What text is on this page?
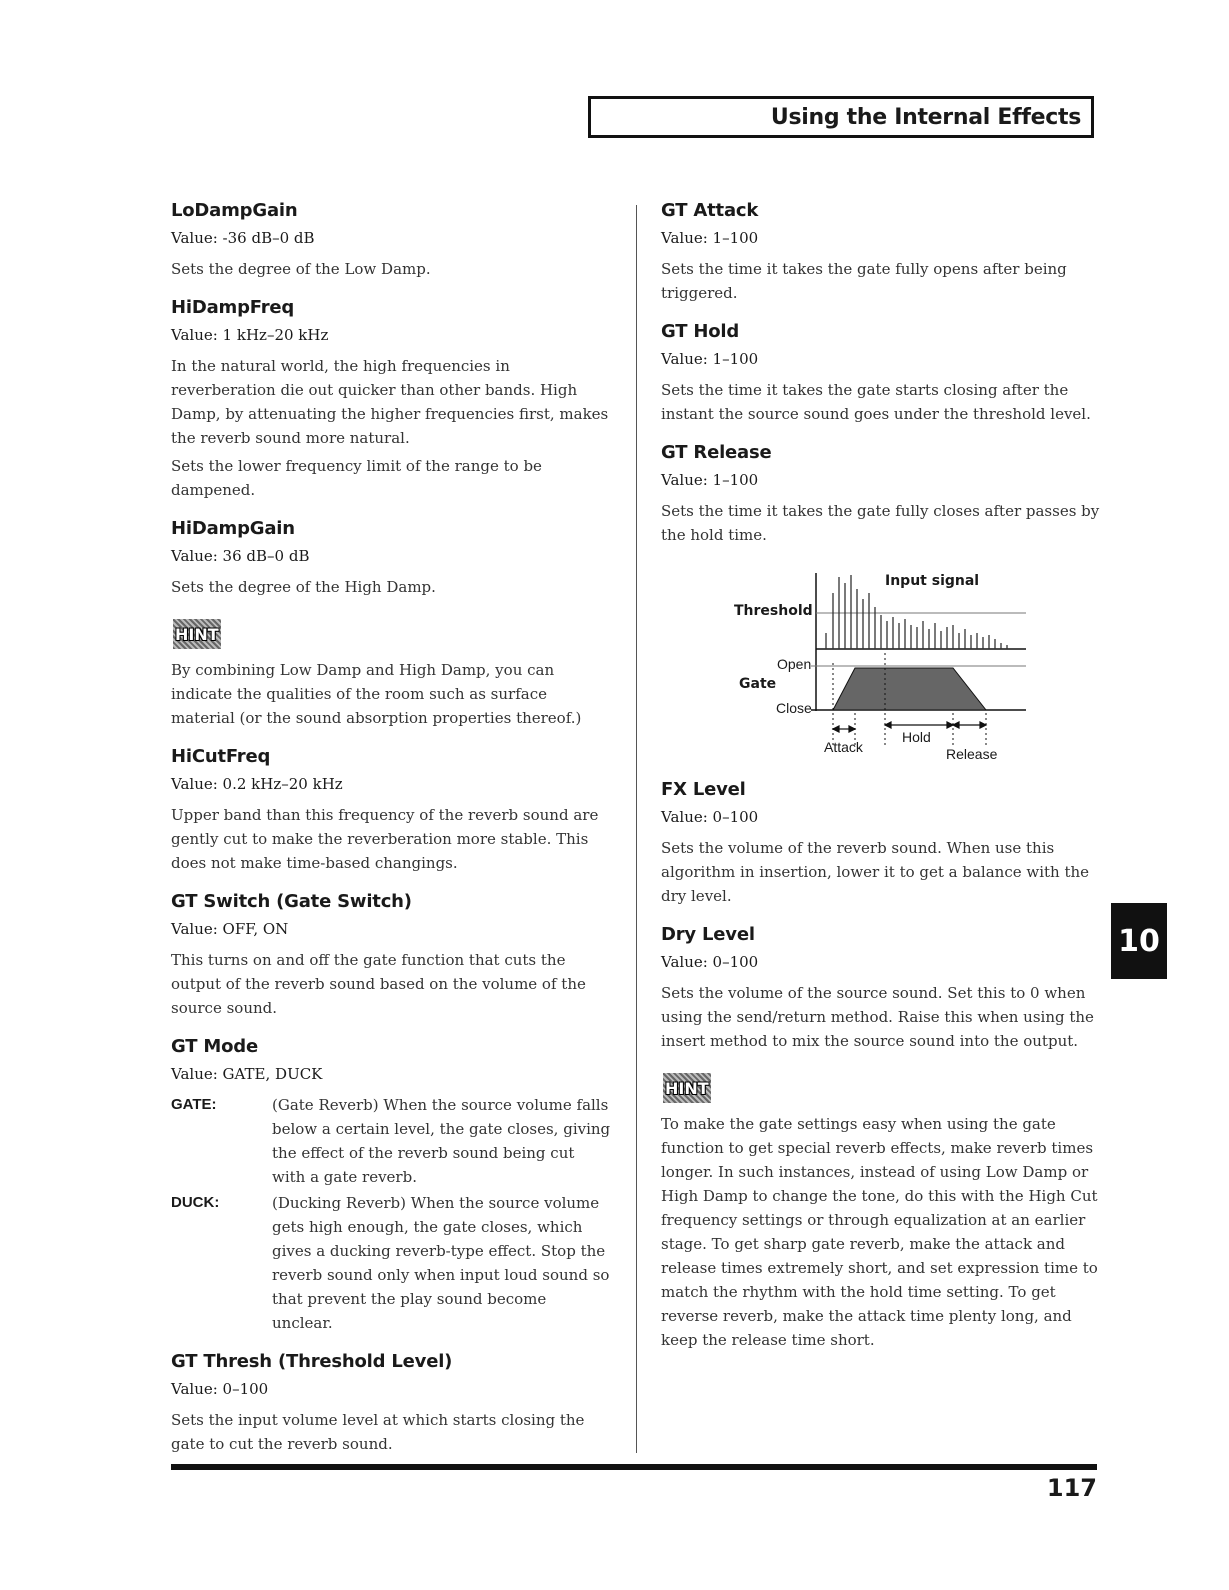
Using the Internal Effects
LoDampGain
Value: -36 dB–0 dB

Sets the degree of the Low Damp.

HiDampFreq
Value: 1 kHz–20 kHz

In the natural world, the high frequencies in reverberation die out quicker than other bands. High Damp, by attenuating the higher frequencies first, makes the reverb sound more natural.

Sets the lower frequency limit of the range to be dampened.

HiDampGain
Value: 36 dB–0 dB

Sets the degree of the High Damp.

HINT

By combining Low Damp and High Damp, you can indicate the qualities of the room such as surface material (or the sound absorption properties thereof.)

HiCutFreq
Value: 0.2 kHz–20 kHz

Upper band than this frequency of the reverb sound are gently cut to make the reverberation more stable. This does not make time-based changings.

GT Switch (Gate Switch)
Value: OFF, ON

This turns on and off the gate function that cuts the output of the reverb sound based on the volume of the source sound.

GT Mode
Value: GATE, DUCK
GATE:	(Gate Reverb) When the source volume falls below a certain level, the gate closes, giving the effect of the reverb sound being cut with a gate reverb.
DUCK:	(Ducking Reverb) When the source volume gets high enough, the gate closes, which gives a ducking reverb-type effect. Stop the reverb sound only when input loud sound so that prevent the play sound become unclear.
GT Thresh (Threshold Level)
Value: 0–100

Sets the input volume level at which starts closing the gate to cut the reverb sound.

GT Attack
Value: 1–100

Sets the time it takes the gate fully opens after being triggered.

GT Hold
Value: 1–100

Sets the time it takes the gate starts closing after the instant the source sound goes under the threshold level.

GT Release
Value: 1–100

Sets the time it takes the gate fully closes after passes by the hold time.

Input signal
Threshold
Open
Gate
Close
Attack
Hold
Release
FX Level
Value: 0–100

Sets the volume of the reverb sound. When use this algorithm in insertion, lower it to get a balance with the dry level.

Dry Level
Value: 0–100

Sets the volume of the source sound. Set this to 0 when using the send/return method. Raise this when using the insert method to mix the source sound into the output.

HINT

To make the gate settings easy when using the gate function to get special reverb effects, make reverb times longer. In such instances, instead of using Low Damp or High Damp to change the tone, do this with the High Cut frequency settings or through equalization at an earlier stage. To get sharp gate reverb, make the attack and release times extremely short, and set expression time to match the rhythm with the hold time setting. To get reverse reverb, make the attack time plenty long, and keep the release time short.

10
117
